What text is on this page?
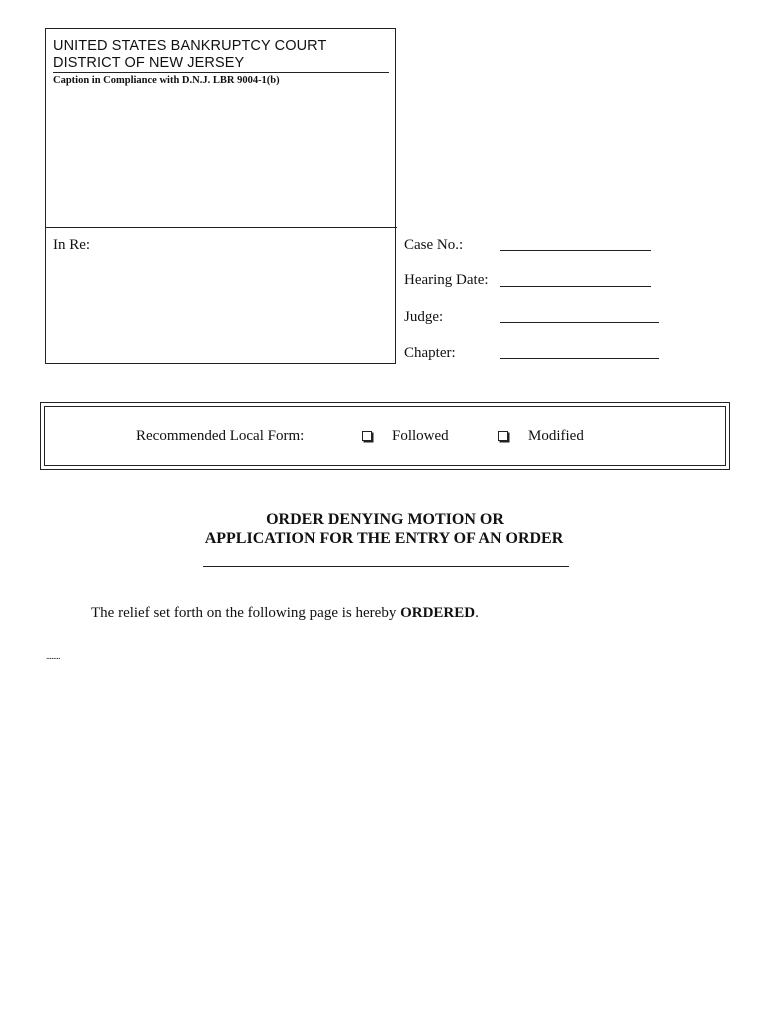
UNITED STATES BANKRUPTCY COURT
DISTRICT OF NEW JERSEY
Caption in Compliance with D.N.J. LBR 9004-1(b)
In Re:	Case No.:
Hearing Date:
Judge:
Chapter:
Recommended Local Form:	Followed	Modified
ORDER DENYING MOTION OR
APPLICATION FOR THE ENTRY OF AN ORDER
The relief set forth on the following page is hereby ORDERED.
........
